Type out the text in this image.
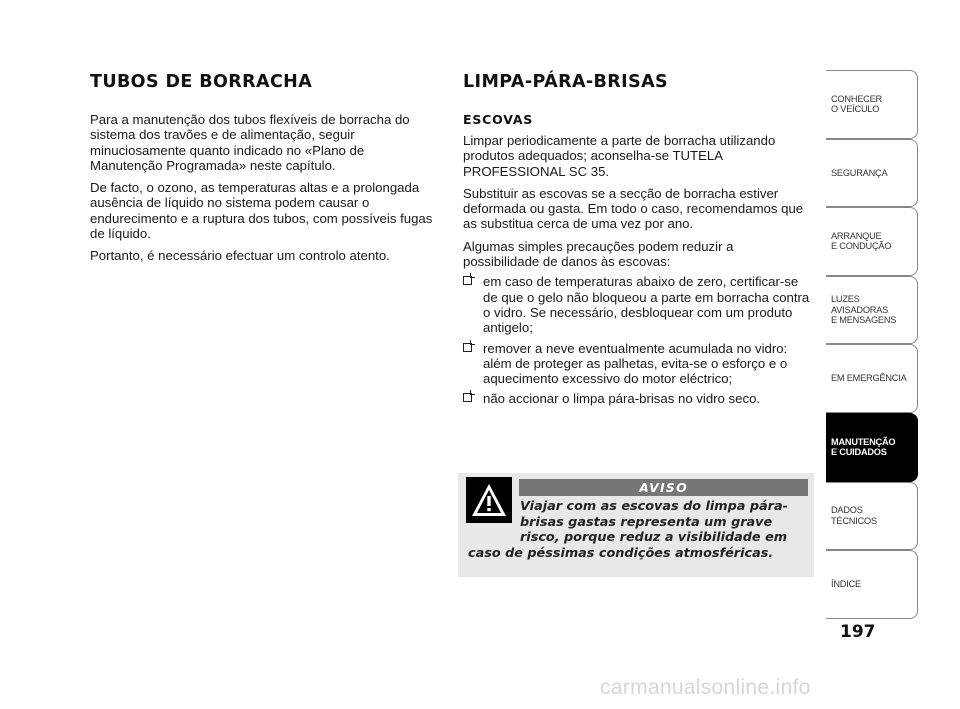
TUBOS DE BORRACHA

Para a manutenção dos tubos flexíveis de borracha do sistema dos travões e de alimentação, seguir minuciosamente quanto indicado no «Plano de Manutenção Programada» neste capítulo.

De facto, o ozono, as temperaturas altas e a prolongada ausência de líquido no sistema podem causar o endurecimento e a ruptura dos tubos, com possíveis fugas de líquido.

Portanto, é necessário efectuar um controlo atento.

LIMPA-PÁRA-BRISAS
ESCOVAS

Limpar periodicamente a parte de borracha utilizando produtos adequados; aconselha-se TUTELA PROFESSIONAL SC 35.

Substituir as escovas se a secção de borracha estiver deformada ou gasta. Em todo o caso, recomendamos que as substitua cerca de uma vez por ano.

Algumas simples precauções podem reduzir a possibilidade de danos às escovas:

em caso de temperaturas abaixo de zero, certificar-se de que o gelo não bloqueou a parte em borracha contra o vidro. Se necessário, desbloquear com um produto antigelo;
remover a neve eventualmente acumulada no vidro: além de proteger as palhetas, evita-se o esforço e o aquecimento excessivo do motor eléctrico;
não accionar o limpa pára-brisas no vidro seco.
AVISO
Viajar com as escovas do limpa pára-brisas gastas representa um grave risco, porque reduz a visibilidade em caso de péssimas condições atmosféricas.
CONHECER
O VEÍCULO
SEGURANÇA
ARRANQUE
E CONDUÇÃO
LUZES
AVISADORAS
E MENSAGENS
EM EMERGÊNCIA
MANUTENÇÃO
E CUIDADOS
DADOS
TÉCNICOS
ÍNDICE
197
carmanualsonline.info
